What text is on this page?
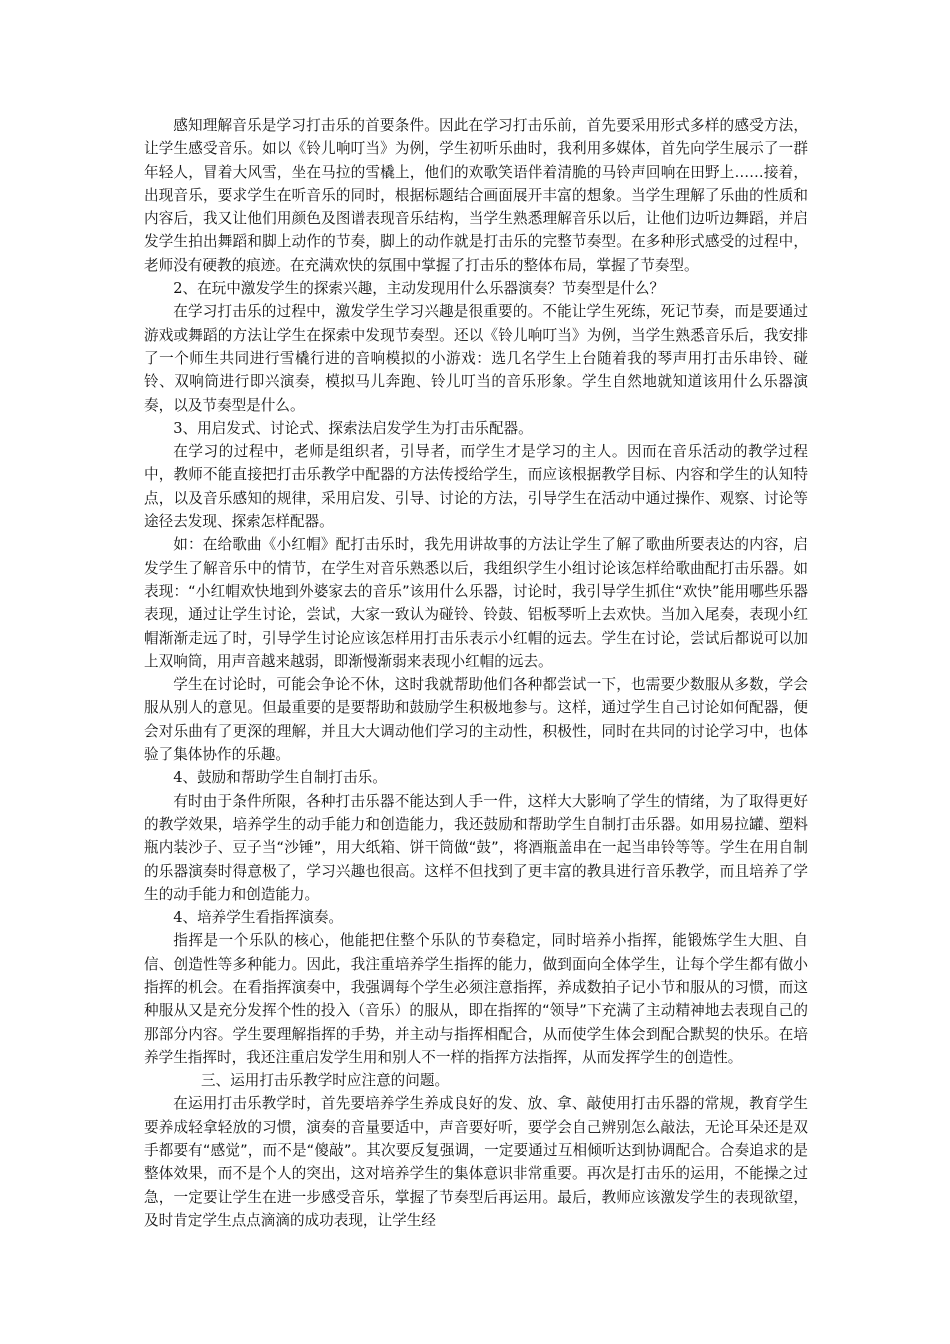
感知理解音乐是学习打击乐的首要条件。因此在学习打击乐前，首先要采用形式多样的感受方法，让学生感受音乐。如以《铃儿响叮当》为例，学生初听乐曲时，我利用多媒体，首先向学生展示了一群年轻人，冒着大风雪，坐在马拉的雪橇上，他们的欢歌笑语伴着清脆的马铃声回响在田野上……接着，出现音乐，要求学生在听音乐的同时，根据标题结合画面展开丰富的想象。当学生理解了乐曲的性质和内容后，我又让他们用颜色及图谱表现音乐结构，当学生熟悉理解音乐以后，让他们边听边舞蹈，并启发学生拍出舞蹈和脚上动作的节奏，脚上的动作就是打击乐的完整节奏型。在多种形式感受的过程中，老师没有硬教的痕迹。在充满欢快的氛围中掌握了打击乐的整体布局，掌握了节奏型。

2、在玩中激发学生的探索兴趣，主动发现用什么乐器演奏？节奏型是什么？

在学习打击乐的过程中，激发学生学习兴趣是很重要的。不能让学生死练，死记节奏，而是要通过游戏或舞蹈的方法让学生在探索中发现节奏型。还以《铃儿响叮当》为例，当学生熟悉音乐后，我安排了一个师生共同进行雪橇行进的音响模拟的小游戏：选几名学生上台随着我的琴声用打击乐串铃、碰铃、双响筒进行即兴演奏，模拟马儿奔跑、铃儿叮当的音乐形象。学生自然地就知道该用什么乐器演奏，以及节奏型是什么。

3、用启发式、讨论式、探索法启发学生为打击乐配器。

在学习的过程中，老师是组织者，引导者，而学生才是学习的主人。因而在音乐活动的教学过程中，教师不能直接把打击乐教学中配器的方法传授给学生，而应该根据教学目标、内容和学生的认知特点，以及音乐感知的规律，采用启发、引导、讨论的方法，引导学生在活动中通过操作、观察、讨论等途径去发现、探索怎样配器。

如：在给歌曲《小红帽》配打击乐时，我先用讲故事的方法让学生了解了歌曲所要表达的内容，启发学生了解音乐中的情节，在学生对音乐熟悉以后，我组织学生小组讨论该怎样给歌曲配打击乐器。如表现：“小红帽欢快地到外婆家去的音乐”该用什么乐器，讨论时，我引导学生抓住“欢快”能用哪些乐器表现，通过让学生讨论，尝试，大家一致认为碰铃、铃鼓、铝板琴听上去欢快。当加入尾奏，表现小红帽渐渐走远了时，引导学生讨论应该怎样用打击乐表示小红帽的远去。学生在讨论，尝试后都说可以加上双响筒，用声音越来越弱，即渐慢渐弱来表现小红帽的远去。

学生在讨论时，可能会争论不休，这时我就帮助他们各种都尝试一下，也需要少数服从多数，学会服从别人的意见。但最重要的是要帮助和鼓励学生积极地参与。这样，通过学生自己讨论如何配器，便会对乐曲有了更深的理解，并且大大调动他们学习的主动性，积极性，同时在共同的讨论学习中，也体验了集体协作的乐趣。

4、鼓励和帮助学生自制打击乐。

有时由于条件所限，各种打击乐器不能达到人手一件，这样大大影响了学生的情绪，为了取得更好的教学效果，培养学生的动手能力和创造能力，我还鼓励和帮助学生自制打击乐器。如用易拉罐、塑料瓶内装沙子、豆子当“沙锤”，用大纸箱、饼干筒做“鼓”，将酒瓶盖串在一起当串铃等等。学生在用自制的乐器演奏时得意极了，学习兴趣也很高。这样不但找到了更丰富的教具进行音乐教学，而且培养了学生的动手能力和创造能力。

4、培养学生看指挥演奏。

指挥是一个乐队的核心，他能把住整个乐队的节奏稳定，同时培养小指挥，能锻炼学生大胆、自信、创造性等多种能力。因此，我注重培养学生指挥的能力，做到面向全体学生，让每个学生都有做小指挥的机会。在看指挥演奏中，我强调每个学生必须注意指挥，养成数拍子记小节和服从的习惯，而这种服从又是充分发挥个性的投入（音乐）的服从，即在指挥的“领导”下充满了主动精神地去表现自己的那部分内容。学生要理解指挥的手势，并主动与指挥相配合，从而使学生体会到配合默契的快乐。在培养学生指挥时，我还注重启发学生用和别人不一样的指挥方法指挥，从而发挥学生的创造性。

三、运用打击乐教学时应注意的问题。

在运用打击乐教学时，首先要培养学生养成良好的发、放、拿、敲使用打击乐器的常规，教育学生要养成轻拿轻放的习惯，演奏的音量要适中，声音要好听，要学会自己辨别怎么敲法，无论耳朵还是双手都要有“感觉”，而不是“傻敲”。其次要反复强调，一定要通过互相倾听达到协调配合。合奏追求的是整体效果，而不是个人的突出，这对培养学生的集体意识非常重要。再次是打击乐的运用，不能操之过急，一定要让学生在进一步感受音乐，掌握了节奏型后再运用。最后，教师应该激发学生的表现欲望，及时肯定学生点点滴滴的成功表现，让学生经
